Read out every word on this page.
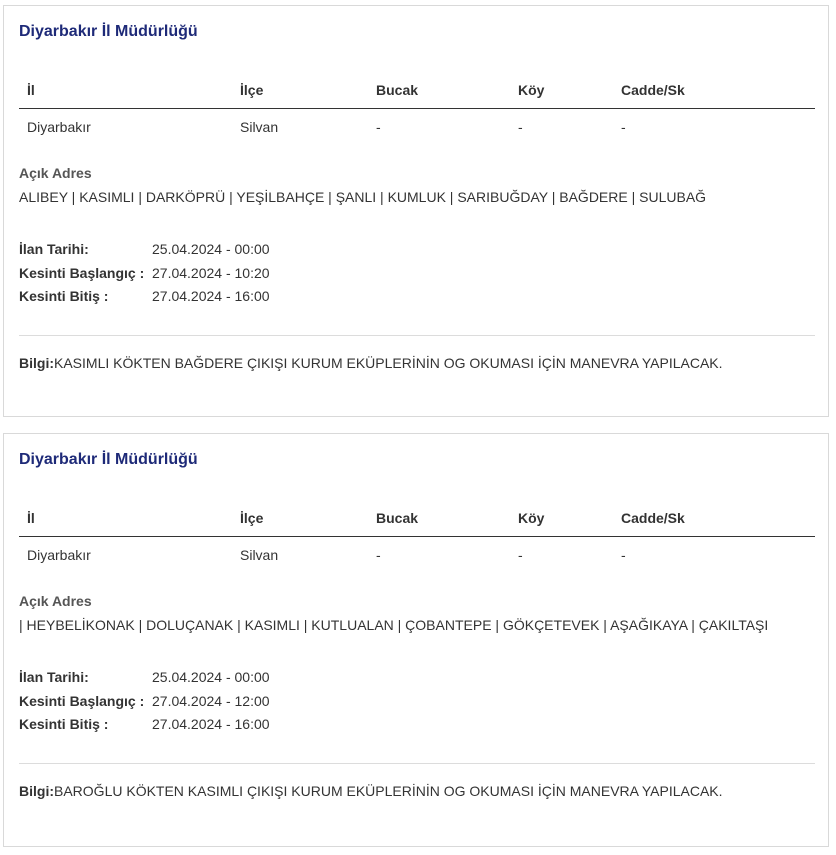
Diyarbakır İl Müdürlüğü
İl	İlçe	Bucak	Köy	Cadde/Sk
Diyarbakır	Silvan	-	-	-
Açık Adres
ALIBEY | KASIMLI | DARKÖPRÜ | YEŞİLBAHÇE | ŞANLI | KUMLUK | SARIBUĞDAY | BAĞDERE | SULUBAĞ
İlan Tarihi:	25.04.2024 - 00:00
Kesinti Başlangıç : 27.04.2024 - 10:20
Kesinti Bitiş :	27.04.2024 - 16:00
Bilgi:KASIMLI KÖKTEN BAĞDERE ÇIKIŞI KURUM EKÜPLERİNİN OG OKUMASI İÇİN MANEVRA YAPILACAK.
Diyarbakır İl Müdürlüğü
İl	İlçe	Bucak	Köy	Cadde/Sk
Diyarbakır	Silvan	-	-	-
Açık Adres
| HEYBELİKONAK | DOLUÇANAK | KASIMLI | KUTLUALAN | ÇOBANTEPE | GÖKÇETEVEK | AŞAĞIKAYA | ÇAKILTAŞI
İlan Tarihi:	25.04.2024 - 00:00
Kesinti Başlangıç : 27.04.2024 - 12:00
Kesinti Bitiş :	27.04.2024 - 16:00
Bilgi:BAROĞLU KÖKTEN KASIMLI ÇIKIŞI KURUM EKÜPLERİNİN OG OKUMASI İÇİN MANEVRA YAPILACAK.
